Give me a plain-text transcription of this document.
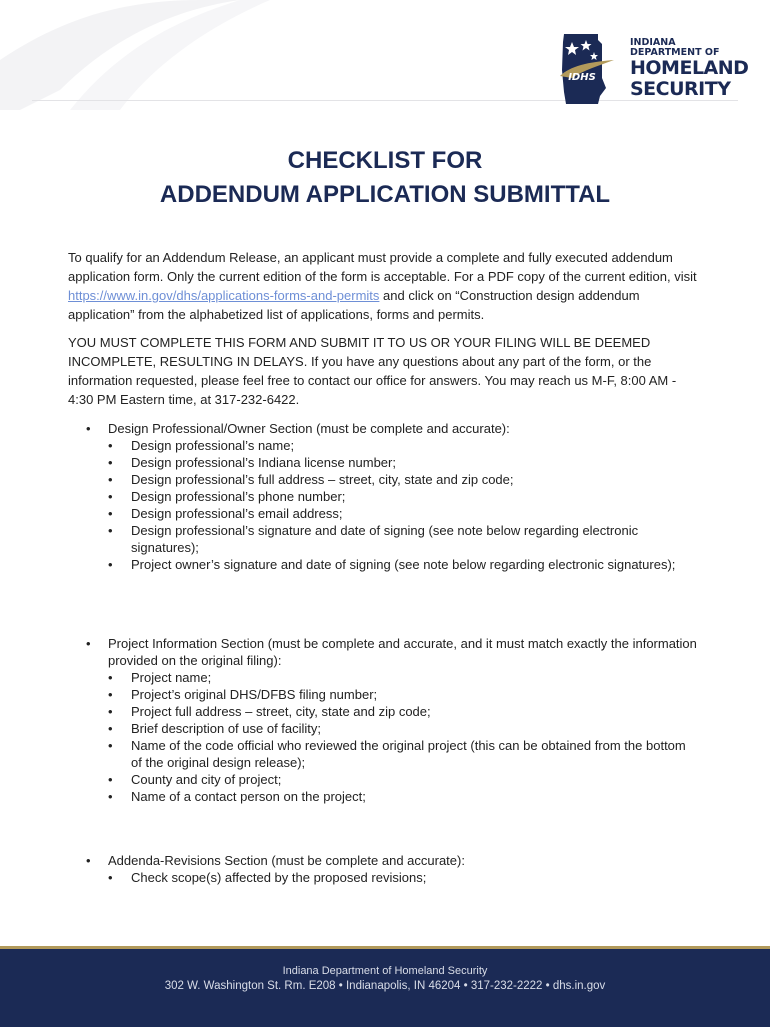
IDHS
INDIANA DEPARTMENT OF
HOMELAND
SECURITY
CHECKLIST FOR
ADDENDUM APPLICATION SUBMITTAL
To qualify for an Addendum Release, an applicant must provide a complete and fully executed addendum application form. Only the current edition of the form is acceptable. For a PDF copy of the current edition, visit https://www.in.gov/dhs/applications-forms-and-permits and click on “Construction design addendum application” from the alphabetized list of applications, forms and permits.
YOU MUST COMPLETE THIS FORM AND SUBMIT IT TO US OR YOUR FILING WILL BE DEEMED INCOMPLETE, RESULTING IN DELAYS. If you have any questions about any part of the form, or the information requested, please feel free to contact our office for answers. You may reach us M-F, 8:00 AM - 4:30 PM Eastern time, at 317-232-6422.
• Design Professional/Owner Section (must be complete and accurate):
• Design professional’s name;
• Design professional’s Indiana license number;
• Design professional’s full address – street, city, state and zip code;
• Design professional’s phone number;
• Design professional’s email address;
• Design professional’s signature and date of signing (see note below regarding electronic signatures);
• Project owner’s signature and date of signing (see note below regarding electronic signatures);
• Project Information Section (must be complete and accurate, and it must match exactly the information provided on the original filing):
• Project name;
• Project’s original DHS/DFBS filing number;
• Project full address – street, city, state and zip code;
• Brief description of use of facility;
• Name of the code official who reviewed the original project (this can be obtained from the bottom of the original design release);
• County and city of project;
• Name of a contact person on the project;
• Addenda-Revisions Section (must be complete and accurate):
• Check scope(s) affected by the proposed revisions;
Indiana Department of Homeland Security
302 W. Washington St. Rm. E208 • Indianapolis, IN 46204 • 317-232-2222 • dhs.in.gov
